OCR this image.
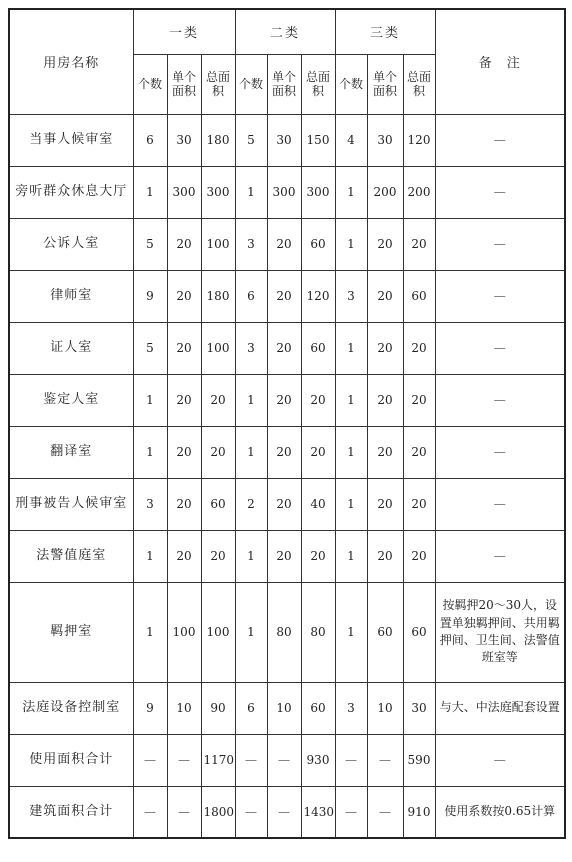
用房名称	一类			二类			三类			备　注
	个数	单个面积	总面积	个数	单个面积	总面积	个数	单个面积	总面积	
当事人候审室	6	30	180	5	30	150	4	30	120	—
旁听群众休息大厅	1	300	300	1	300	300	1	200	200	—
公诉人室	5	20	100	3	20	60	1	20	20	—
律师室	9	20	180	6	20	120	3	20	60	—
证人室	5	20	100	3	20	60	1	20	20	—
鉴定人室	1	20	20	1	20	20	1	20	20	—
翻译室	1	20	20	1	20	20	1	20	20	—
刑事被告人候审室	3	20	60	2	20	40	1	20	20	—
法警值庭室	1	20	20	1	20	20	1	20	20	—
羁押室	1	100	100	1	80	80	1	60	60	按羁押20～30人，设置单独羁押间、共用羁押间、卫生间、法警值班室等
法庭设备控制室	9	10	90	6	10	60	3	10	30	与大、中法庭配套设置
使用面积合计	—	—	1170	—	—	930	—	—	590	—
建筑面积合计	—	—	1800	—	—	1430	—	—	910	使用系数按0.65计算
